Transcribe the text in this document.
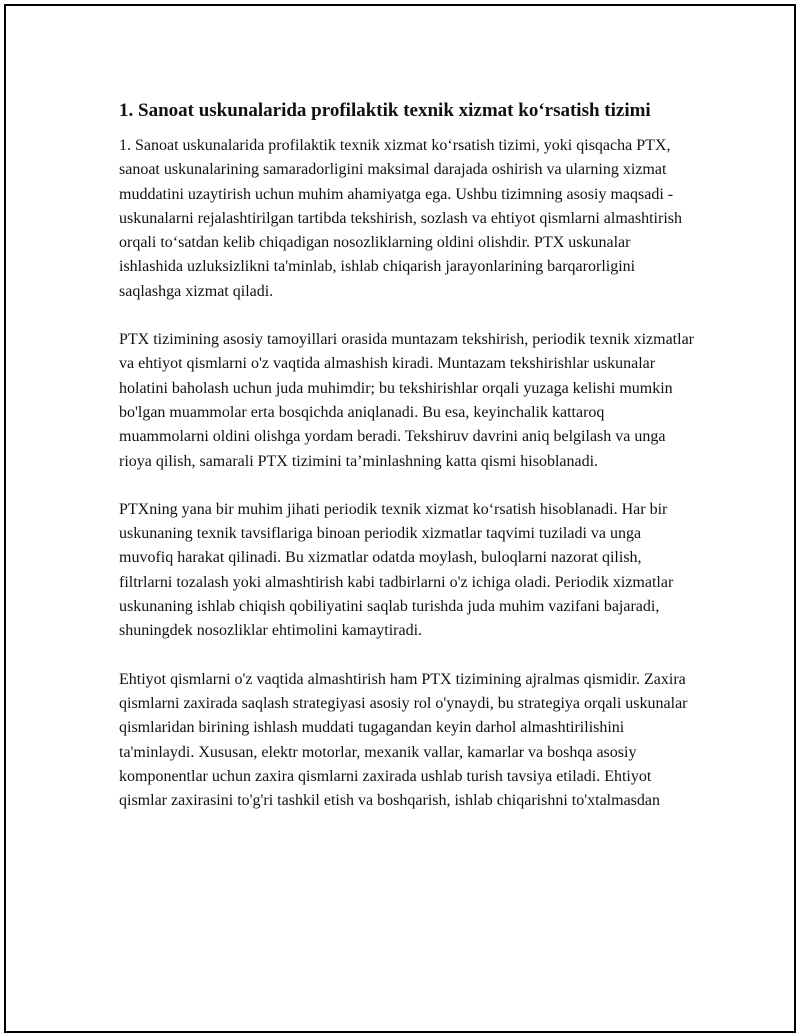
1. Sanoat uskunalarida profilaktik texnik xizmat ko‘rsatish tizimi

1. Sanoat uskunalarida profilaktik texnik xizmat ko‘rsatish tizimi, yoki qisqacha PTX, sanoat uskunalarining samaradorligini maksimal darajada oshirish va ularning xizmat muddatini uzaytirish uchun muhim ahamiyatga ega. Ushbu tizimning asosiy maqsadi - uskunalarni rejalashtirilgan tartibda tekshirish, sozlash va ehtiyot qismlarni almashtirish orqali to‘satdan kelib chiqadigan nosozliklarning oldini olishdir. PTX uskunalar ishlashida uzluksizlikni ta'minlab, ishlab chiqarish jarayonlarining barqarorligini saqlashga xizmat qiladi.

PTX tizimining asosiy tamoyillari orasida muntazam tekshirish, periodik texnik xizmatlar va ehtiyot qismlarni o'z vaqtida almashish kiradi. Muntazam tekshirishlar uskunalar holatini baholash uchun juda muhimdir; bu tekshirishlar orqali yuzaga kelishi mumkin bo'lgan muammolar erta bosqichda aniqlanadi. Bu esa, keyinchalik kattaroq muammolarni oldini olishga yordam beradi. Tekshiruv davrini aniq belgilash va unga rioya qilish, samarali PTX tizimini ta’minlashning katta qismi hisoblanadi.

PTXning yana bir muhim jihati periodik texnik xizmat ko‘rsatish hisoblanadi. Har bir uskunaning texnik tavsiflariga binoan periodik xizmatlar taqvimi tuziladi va unga muvofiq harakat qilinadi. Bu xizmatlar odatda moylash, buloqlarni nazorat qilish, filtrlarni tozalash yoki almashtirish kabi tadbirlarni o'z ichiga oladi. Periodik xizmatlar uskunaning ishlab chiqish qobiliyatini saqlab turishda juda muhim vazifani bajaradi, shuningdek nosozliklar ehtimolini kamaytiradi.

Ehtiyot qismlarni o'z vaqtida almashtirish ham PTX tizimining ajralmas qismidir. Zaxira qismlarni zaxirada saqlash strategiyasi asosiy rol o'ynaydi, bu strategiya orqali uskunalar qismlaridan birining ishlash muddati tugagandan keyin darhol almashtirilishini ta'minlaydi. Xususan, elektr motorlar, mexanik vallar, kamarlar va boshqa asosiy komponentlar uchun zaxira qismlarni zaxirada ushlab turish tavsiya etiladi. Ehtiyot qismlar zaxirasini to'g'ri tashkil etish va boshqarish, ishlab chiqarishni to'xtalmasdan
